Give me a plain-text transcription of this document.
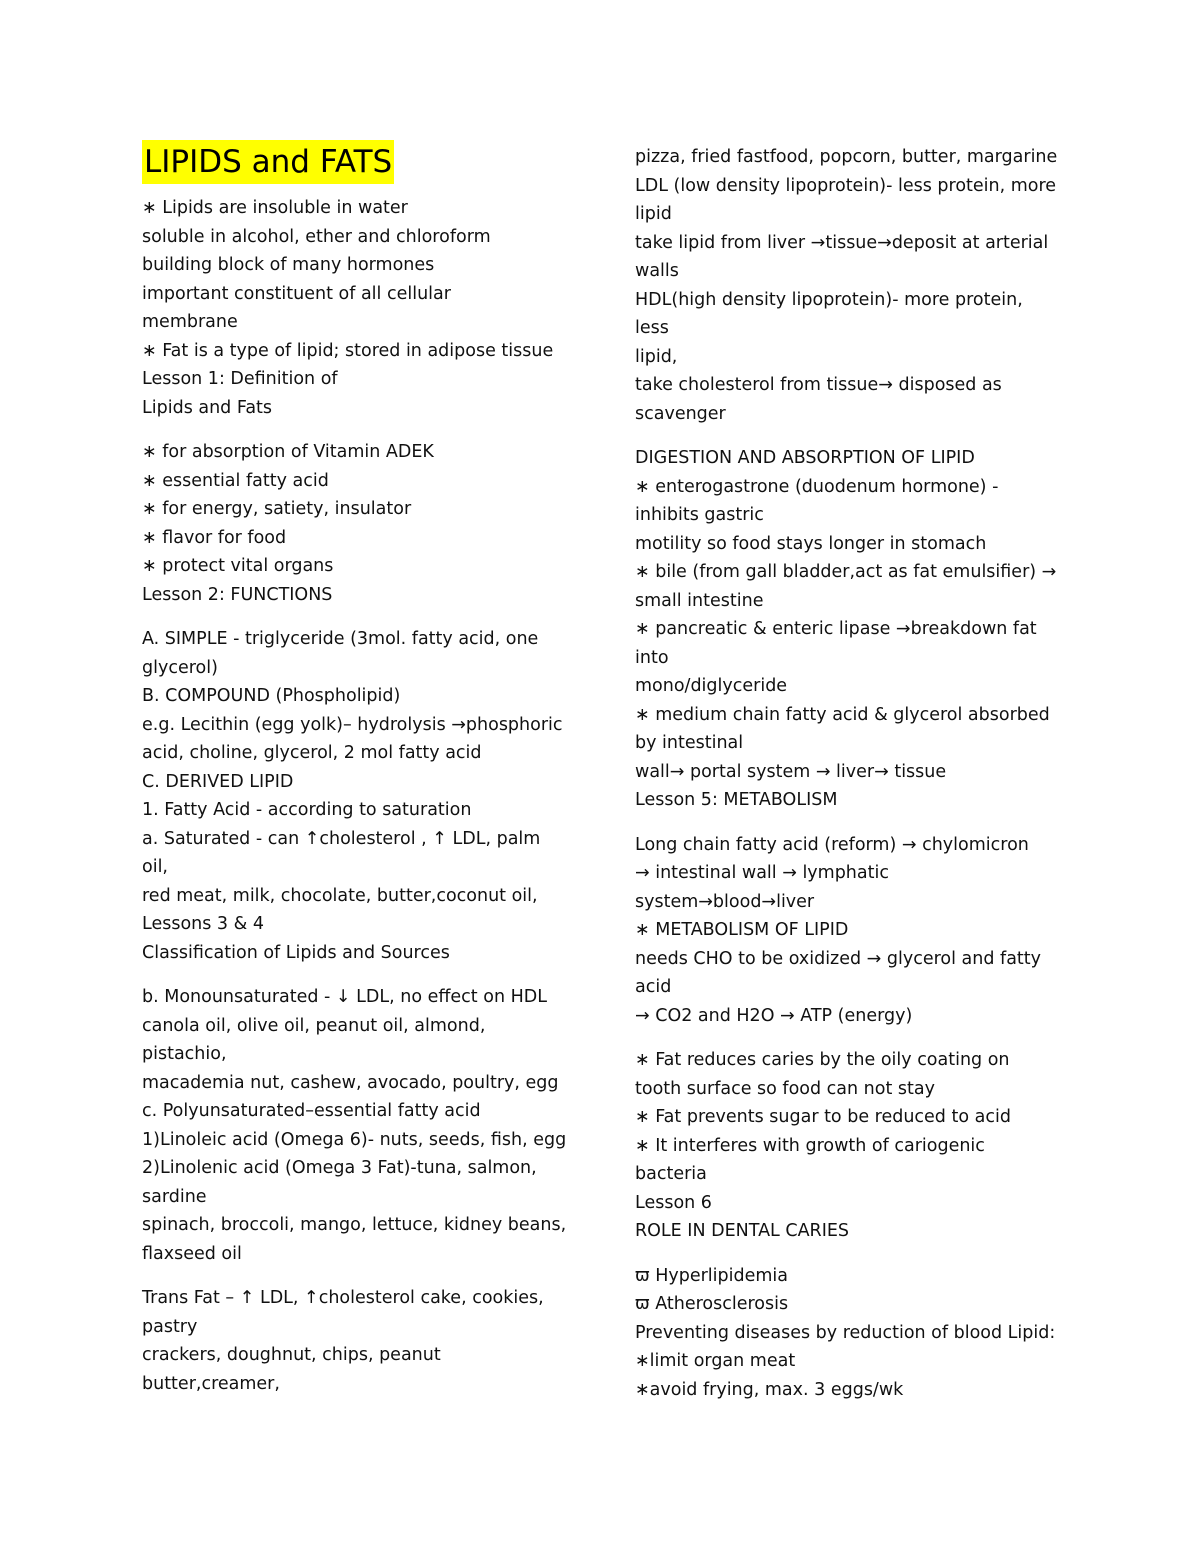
LIPIDS and FATS
∗ Lipids are insoluble in water
soluble in alcohol, ether and chloroform
building block of many hormones
important constituent of all cellular
membrane
∗ Fat is a type of lipid; stored in adipose tissue
Lesson 1: Definition of
Lipids and Fats
∗ for absorption of Vitamin ADEK
∗ essential fatty acid
∗ for energy, satiety, insulator
∗ flavor for food
∗ protect vital organs
Lesson 2: FUNCTIONS
A. SIMPLE - triglyceride (3mol. fatty acid, one
glycerol)
B. COMPOUND (Phospholipid)
e.g. Lecithin (egg yolk)– hydrolysis →phosphoric
acid, choline, glycerol, 2 mol fatty acid
C. DERIVED LIPID
1. Fatty Acid - according to saturation
a. Saturated - can ↑cholesterol , ↑ LDL, palm
oil,
red meat, milk, chocolate, butter,coconut oil,
Lessons 3 & 4
Classification of Lipids and Sources
b. Monounsaturated - ↓ LDL, no effect on HDL
canola oil, olive oil, peanut oil, almond,
pistachio,
macademia nut, cashew, avocado, poultry, egg
c. Polyunsaturated–essential fatty acid
1)Linoleic acid (Omega 6)- nuts, seeds, fish, egg
2)Linolenic acid (Omega 3 Fat)-tuna, salmon,
sardine
spinach, broccoli, mango, lettuce, kidney beans,
flaxseed oil
Trans Fat – ↑ LDL, ↑cholesterol cake, cookies,
pastry
crackers, doughnut, chips, peanut
butter,creamer,
pizza, fried fastfood, popcorn, butter, margarine
LDL (low density lipoprotein)- less protein, more
lipid
take lipid from liver →tissue→deposit at arterial
walls
HDL(high density lipoprotein)- more protein,
less
lipid,
take cholesterol from tissue→ disposed as
scavenger
DIGESTION AND ABSORPTION OF LIPID
∗ enterogastrone (duodenum hormone) -
inhibits gastric
motility so food stays longer in stomach
∗ bile (from gall bladder,act as fat emulsifier) →
small intestine
∗ pancreatic & enteric lipase →breakdown fat
into
mono/diglyceride
∗ medium chain fatty acid & glycerol absorbed
by intestinal
wall→ portal system → liver→ tissue
Lesson 5: METABOLISM
Long chain fatty acid (reform) → chylomicron
→ intestinal wall → lymphatic
system→blood→liver
∗ METABOLISM OF LIPID
needs CHO to be oxidized → glycerol and fatty
acid
→ CO2 and H2O → ATP (energy)
∗ Fat reduces caries by the oily coating on
tooth surface so food can not stay
∗ Fat prevents sugar to be reduced to acid
∗ It interferes with growth of cariogenic
bacteria
Lesson 6
ROLE IN DENTAL CARIES
ϖ Hyperlipidemia
ϖ Atherosclerosis
Preventing diseases by reduction of blood Lipid:
∗limit organ meat
∗avoid frying, max. 3 eggs/wk
